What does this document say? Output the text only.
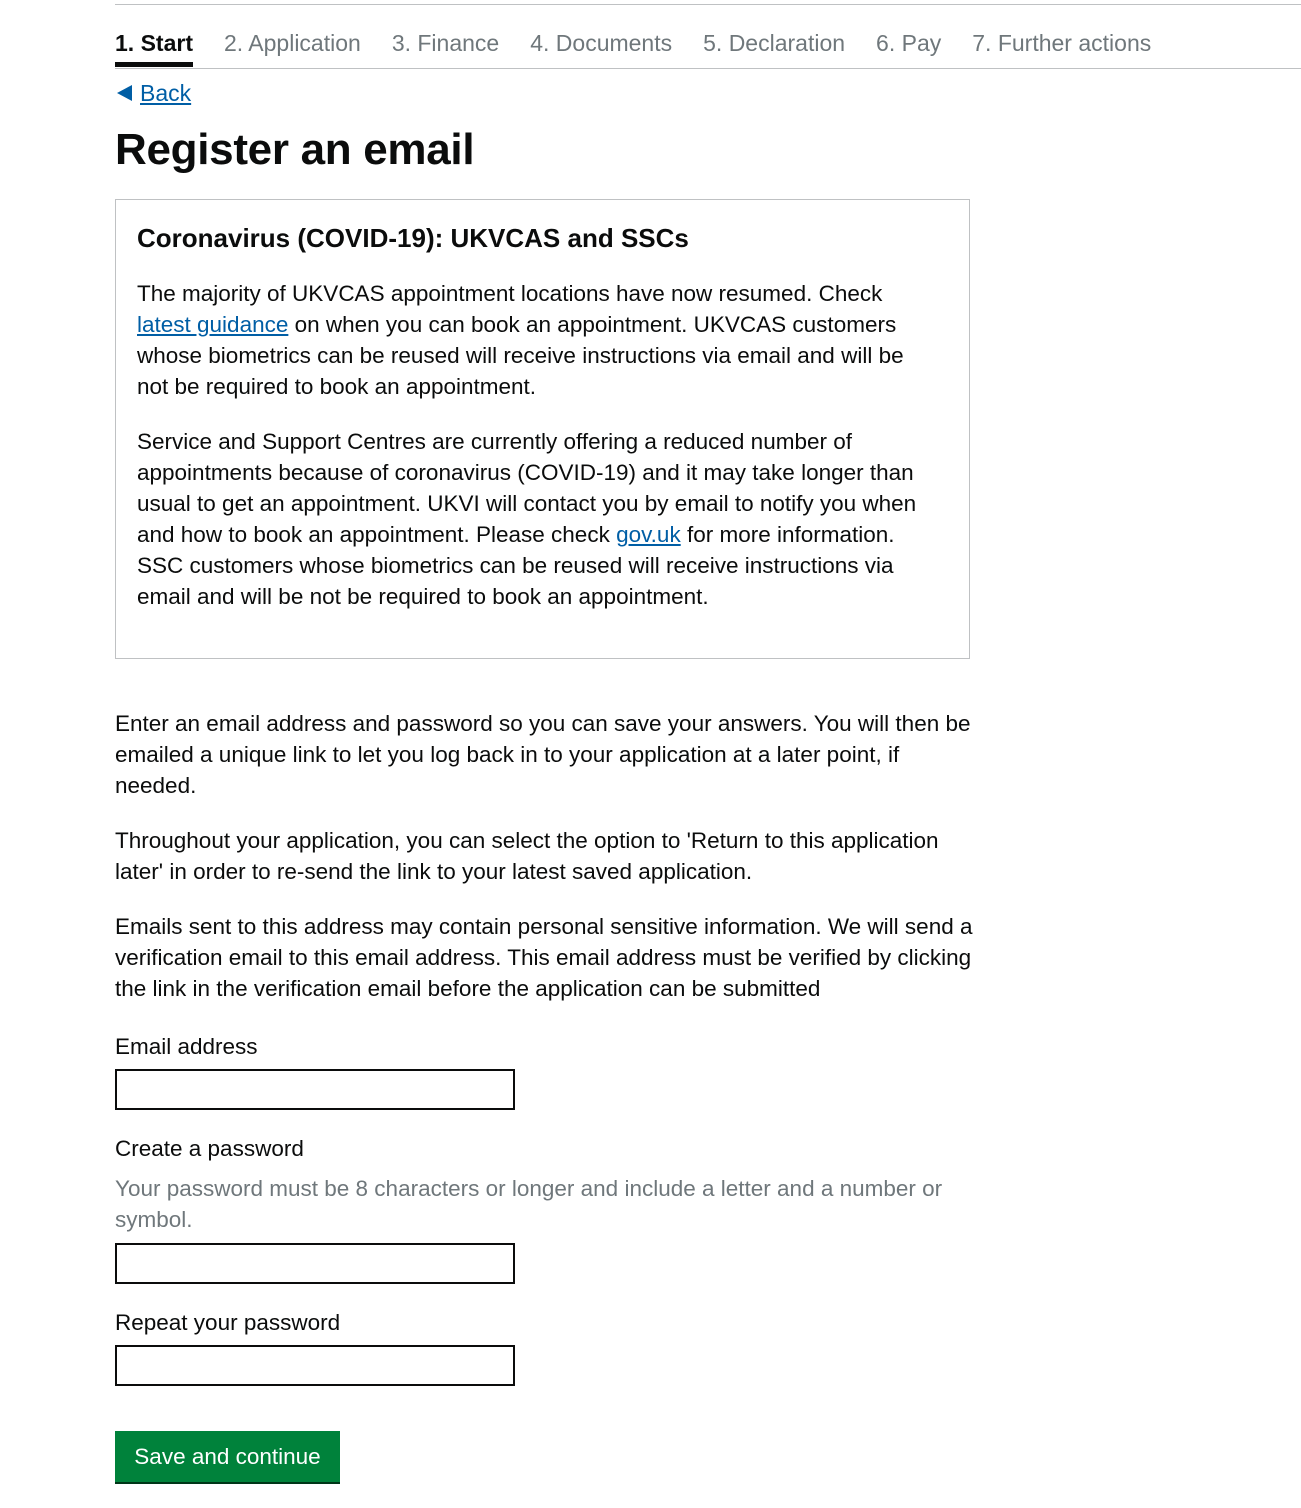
1. Start 2. Application 3. Finance 4. Documents 5. Declaration 6. Pay 7. Further actions
Back
Register an email
Coronavirus (COVID-19): UKVCAS and SSCs

The majority of UKVCAS appointment locations have now resumed. Check latest guidance on when you can book an appointment. UKVCAS customers whose biometrics can be reused will receive instructions via email and will be not be required to book an appointment.

Service and Support Centres are currently offering a reduced number of appointments because of coronavirus (COVID-19) and it may take longer than usual to get an appointment. UKVI will contact you by email to notify you when and how to book an appointment. Please check gov.uk for more information. SSC customers whose biometrics can be reused will receive instructions via email and will be not be required to book an appointment.

Enter an email address and password so you can save your answers. You will then be emailed a unique link to let you log back in to your application at a later point, if needed.

Throughout your application, you can select the option to 'Return to this application later' in order to re-send the link to your latest saved application.

Emails sent to this address may contain personal sensitive information. We will send a verification email to this email address. This email address must be verified by clicking the link in the verification email before the application can be submitted

Email address
Create a password
Your password must be 8 characters or longer and include a letter and a number or symbol.
Repeat your password
Save and continue
